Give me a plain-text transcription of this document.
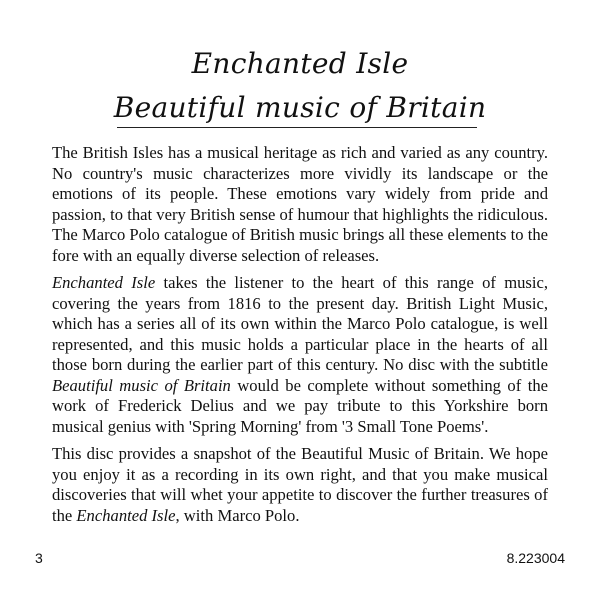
Enchanted Isle
Beautiful music of Britain

The British Isles has a musical heritage as rich and varied as any country. No country's music characterizes more vividly its landscape or the emotions of its people. These emotions vary widely from pride and passion, to that very British sense of humour that highlights the ridiculous. The Marco Polo catalogue of British music brings all these elements to the fore with an equally diverse selection of releases.

Enchanted Isle takes the listener to the heart of this range of music, covering the years from 1816 to the present day. British Light Music, which has a series all of its own within the Marco Polo catalogue, is well represented, and this music holds a particular place in the hearts of all those born during the earlier part of this century. No disc with the subtitle Beautiful music of Britain would be complete without something of the work of Frederick Delius and we pay tribute to this Yorkshire born musical genius with 'Spring Morning' from '3 Small Tone Poems'.

This disc provides a snapshot of the Beautiful Music of Britain. We hope you enjoy it as a recording in its own right, and that you make musical discoveries that will whet your appetite to discover the further treasures of the Enchanted Isle, with Marco Polo.

3	8.223004
